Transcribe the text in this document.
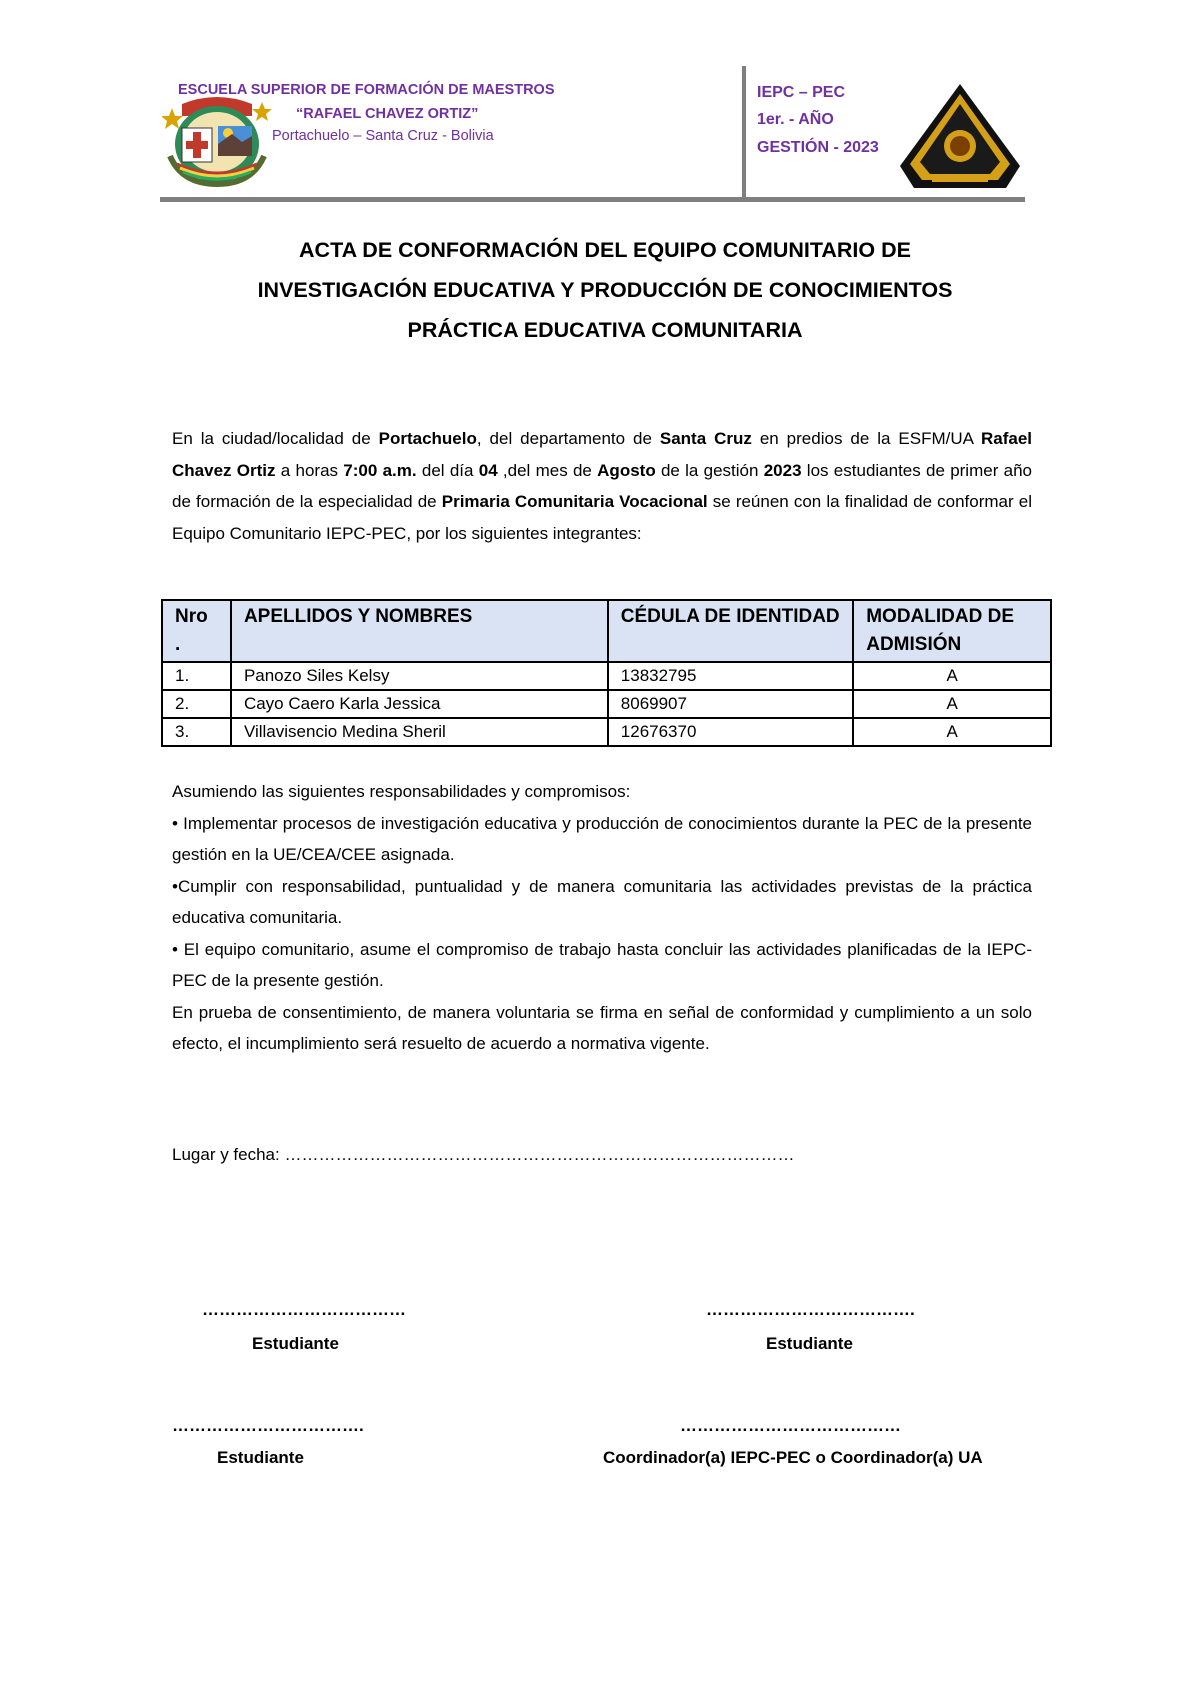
ESCUELA SUPERIOR DE FORMACIÓN DE MAESTROS
“RAFAEL CHAVEZ ORTIZ”
Portachuelo – Santa Cruz - Bolivia
IEPC – PEC
1er. - AÑO
GESTIÓN - 2023
ACTA DE CONFORMACIÓN DEL EQUIPO COMUNITARIO DE
INVESTIGACIÓN EDUCATIVA Y PRODUCCIÓN DE CONOCIMIENTOS
PRÁCTICA EDUCATIVA COMUNITARIA
En la ciudad/localidad de Portachuelo, del departamento de Santa Cruz en predios de la ESFM/UA Rafael Chavez Ortiz a horas 7:00 a.m. del día 04 ,del mes de Agosto de la gestión 2023 los estudiantes de primer año de formación de la especialidad de Primaria Comunitaria Vocacional se reúnen con la finalidad de conformar el Equipo Comunitario IEPC-PEC, por los siguientes integrantes:
Nro .	APELLIDOS Y NOMBRES	CÉDULA DE IDENTIDAD	MODALIDAD DE ADMISIÓN
1.	Panozo Siles Kelsy	13832795	A
2.	Cayo Caero Karla Jessica	8069907	A
3.	Villavisencio Medina Sheril	12676370	A
Asumiendo las siguientes responsabilidades y compromisos:
• Implementar procesos de investigación educativa y producción de conocimientos durante la PEC de la presente gestión en la UE/CEA/CEE asignada.
•Cumplir con responsabilidad, puntualidad y de manera comunitaria las actividades previstas de la práctica educativa comunitaria.
• El equipo comunitario, asume el compromiso de trabajo hasta concluir las actividades planificadas de la IEPC-PEC de la presente gestión.
En prueba de consentimiento, de manera voluntaria se firma en señal de conformidad y cumplimiento a un solo efecto, el incumplimiento será resuelto de acuerdo a normativa vigente.
Lugar y fecha: ………………………………………………………………………………
………………………………
Estudiante
……………………………….
Estudiante
…………………………….
Estudiante
…………………………………
Coordinador(a) IEPC-PEC o Coordinador(a) UA
